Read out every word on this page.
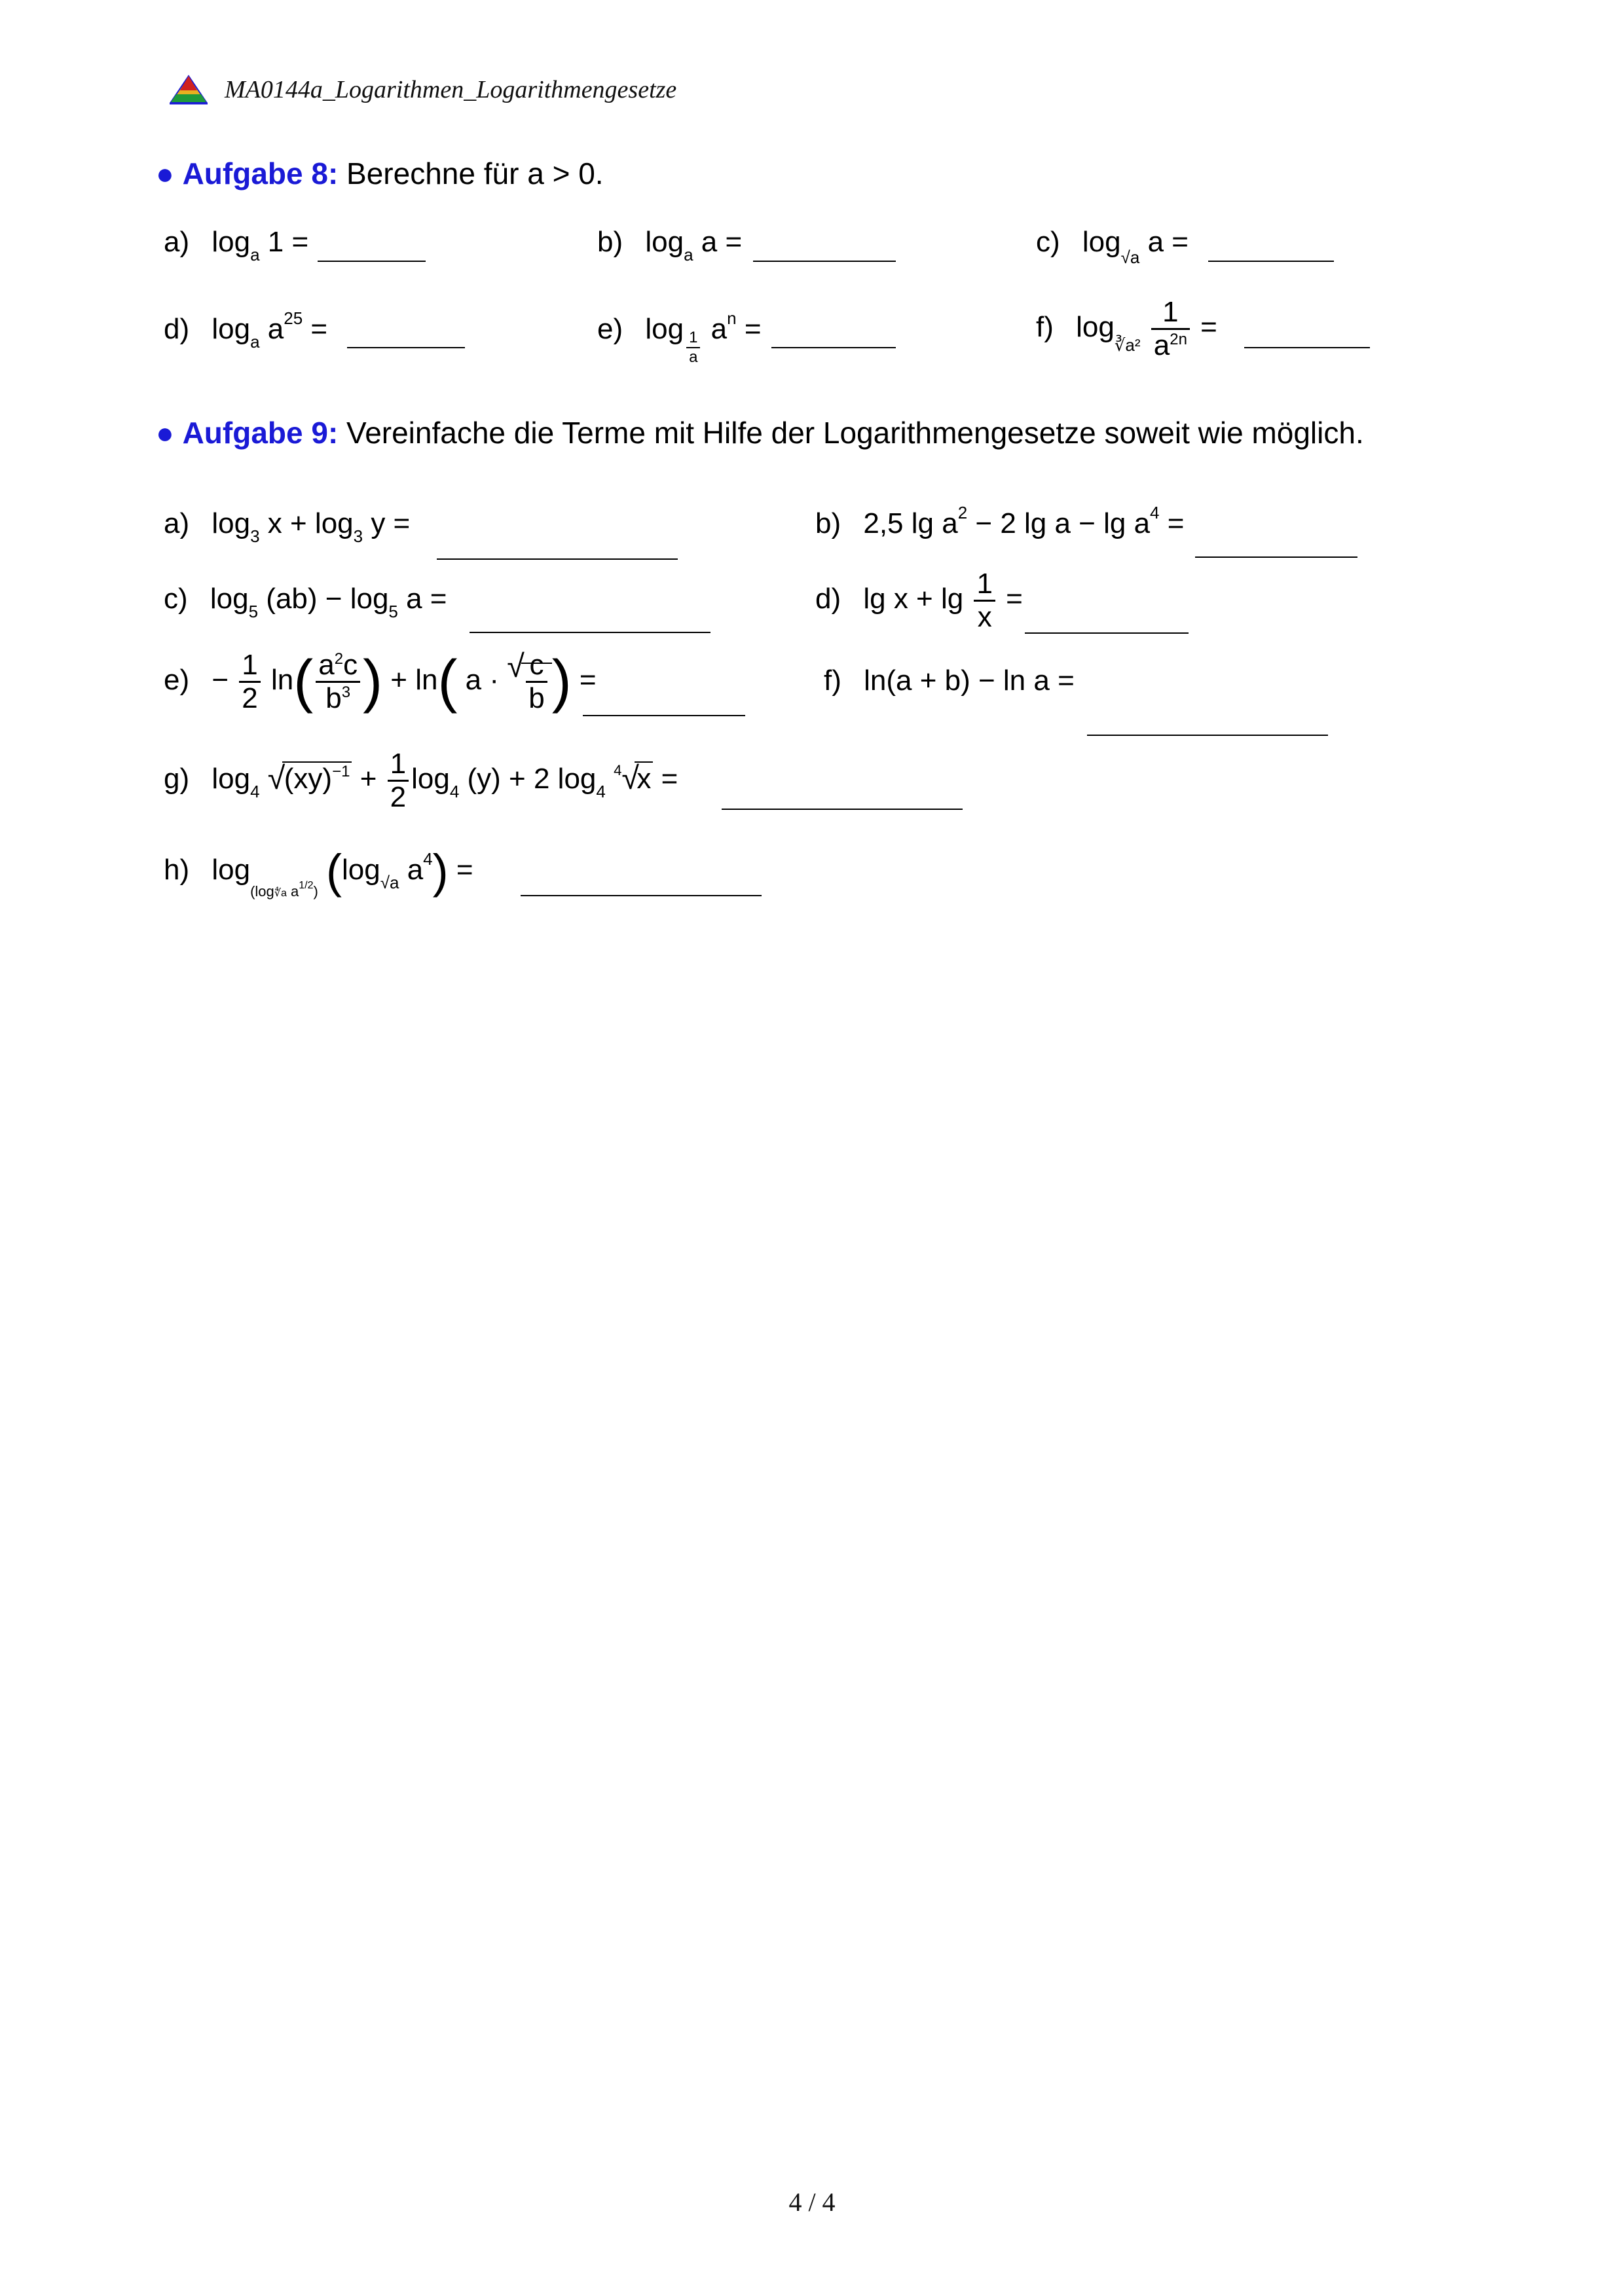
MA0144a_Logarithmen_Logarithmengesetze
● Aufgabe 8: Berechne für a > 0.
a) $\log_a 1$ =	b) $\log_a a$ =	c) $\log_{√a} a$ =
d) $\log_a a^{25}$ =	e) log
$\frac{1}{a}$
$a^n$ =	f) $\log_{∛a^2} \frac{1}{a^{2n}}$ =
● Aufgabe 9: Vereinfache die Terme mit Hilfe der Logarithmengesetze soweit wie möglich.
a) $\log_3 x + \log_3 y$ =	b) 2,5 $\lg a^2 - 2$ $\lg a - \lg a^4$ =
c) $\log_5 (ab) - \log_5 a$ =	d) $\lg x + \lg \frac{1}{x}$ =
$e) - \frac{1}{2} \ln( \frac{a^2c}{b^3}$ ) + ln( a ·
√ $\frac{c}{b}$ ) =	f) ln(a + b) − ln a =
g) $\log_4$ √ $(xy)^{-1} + \frac{1}{2} \log_4 (y) + 2$ $\log_4 ^4√$ x =
h) $\log_{(log∜a a^{1/2})} (\log_{√a}$ $a^4$) =
4 / 4
